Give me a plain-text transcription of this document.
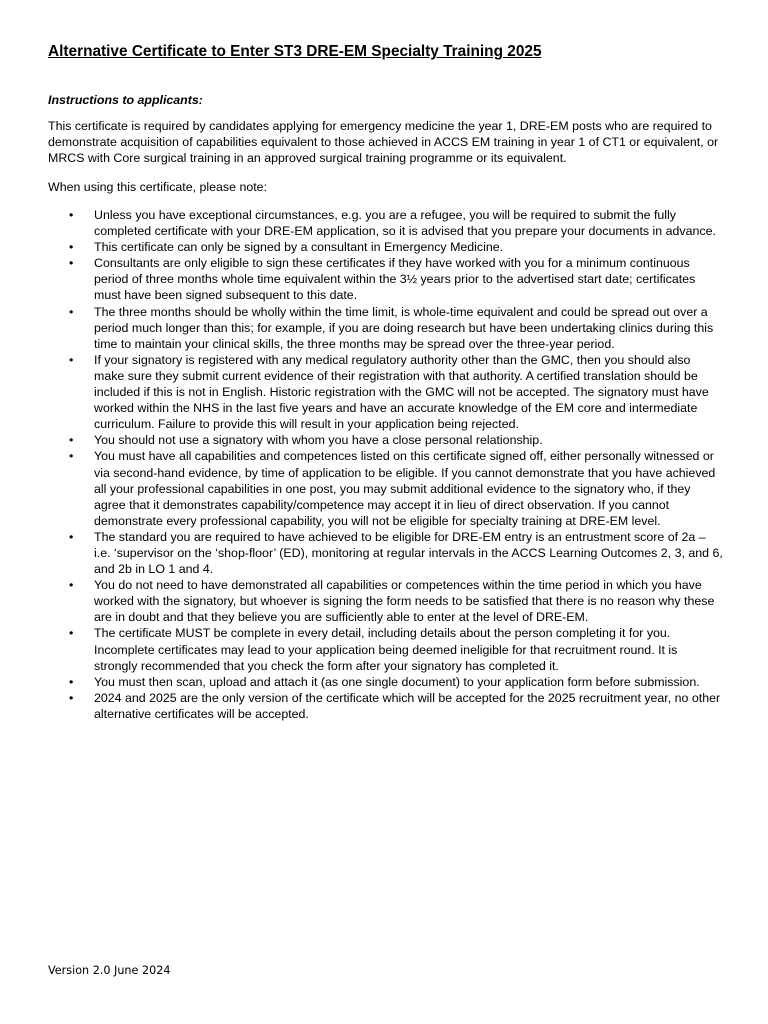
Alternative Certificate to Enter ST3 DRE-EM Specialty Training 2025
Instructions to applicants:

This certificate is required by candidates applying for emergency medicine the year 1, DRE-EM posts who are required to demonstrate acquisition of capabilities equivalent to those achieved in ACCS EM training in year 1 of CT1 or equivalent, or MRCS with Core surgical training in an approved surgical training programme or its equivalent.

When using this certificate, please note:

• Unless you have exceptional circumstances, e.g. you are a refugee, you will be required to submit the fully completed certificate with your DRE-EM application, so it is advised that you prepare your documents in advance.
• This certificate can only be signed by a consultant in Emergency Medicine.
• Consultants are only eligible to sign these certificates if they have worked with you for a minimum continuous period of three months whole time equivalent within the 3½ years prior to the advertised start date; certificates must have been signed subsequent to this date.
• The three months should be wholly within the time limit, is whole-time equivalent and could be spread out over a period much longer than this; for example, if you are doing research but have been undertaking clinics during this time to maintain your clinical skills, the three months may be spread over the three-year period.
• If your signatory is registered with any medical regulatory authority other than the GMC, then you should also make sure they submit current evidence of their registration with that authority. A certified translation should be included if this is not in English. Historic registration with the GMC will not be accepted. The signatory must have worked within the NHS in the last five years and have an accurate knowledge of the EM core and intermediate curriculum. Failure to provide this will result in your application being rejected.
• You should not use a signatory with whom you have a close personal relationship.
• You must have all capabilities and competences listed on this certificate signed off, either personally witnessed or via second-hand evidence, by time of application to be eligible. If you cannot demonstrate that you have achieved all your professional capabilities in one post, you may submit additional evidence to the signatory who, if they agree that it demonstrates capability/competence may accept it in lieu of direct observation. If you cannot demonstrate every professional capability, you will not be eligible for specialty training at DRE-EM level.
• The standard you are required to have achieved to be eligible for DRE-EM entry is an entrustment score of 2a – i.e. ‘supervisor on the ‘shop-floor’ (ED), monitoring at regular intervals in the ACCS Learning Outcomes 2, 3, and 6, and 2b in LO 1 and 4.
• You do not need to have demonstrated all capabilities or competences within the time period in which you have worked with the signatory, but whoever is signing the form needs to be satisfied that there is no reason why these are in doubt and that they believe you are sufficiently able to enter at the level of DRE-EM.
• The certificate MUST be complete in every detail, including details about the person completing it for you. Incomplete certificates may lead to your application being deemed ineligible for that recruitment round. It is strongly recommended that you check the form after your signatory has completed it.
• You must then scan, upload and attach it (as one single document) to your application form before submission.
• 2024 and 2025 are the only version of the certificate which will be accepted for the 2025 recruitment year, no other alternative certificates will be accepted.
Version 2.0 June 2024
